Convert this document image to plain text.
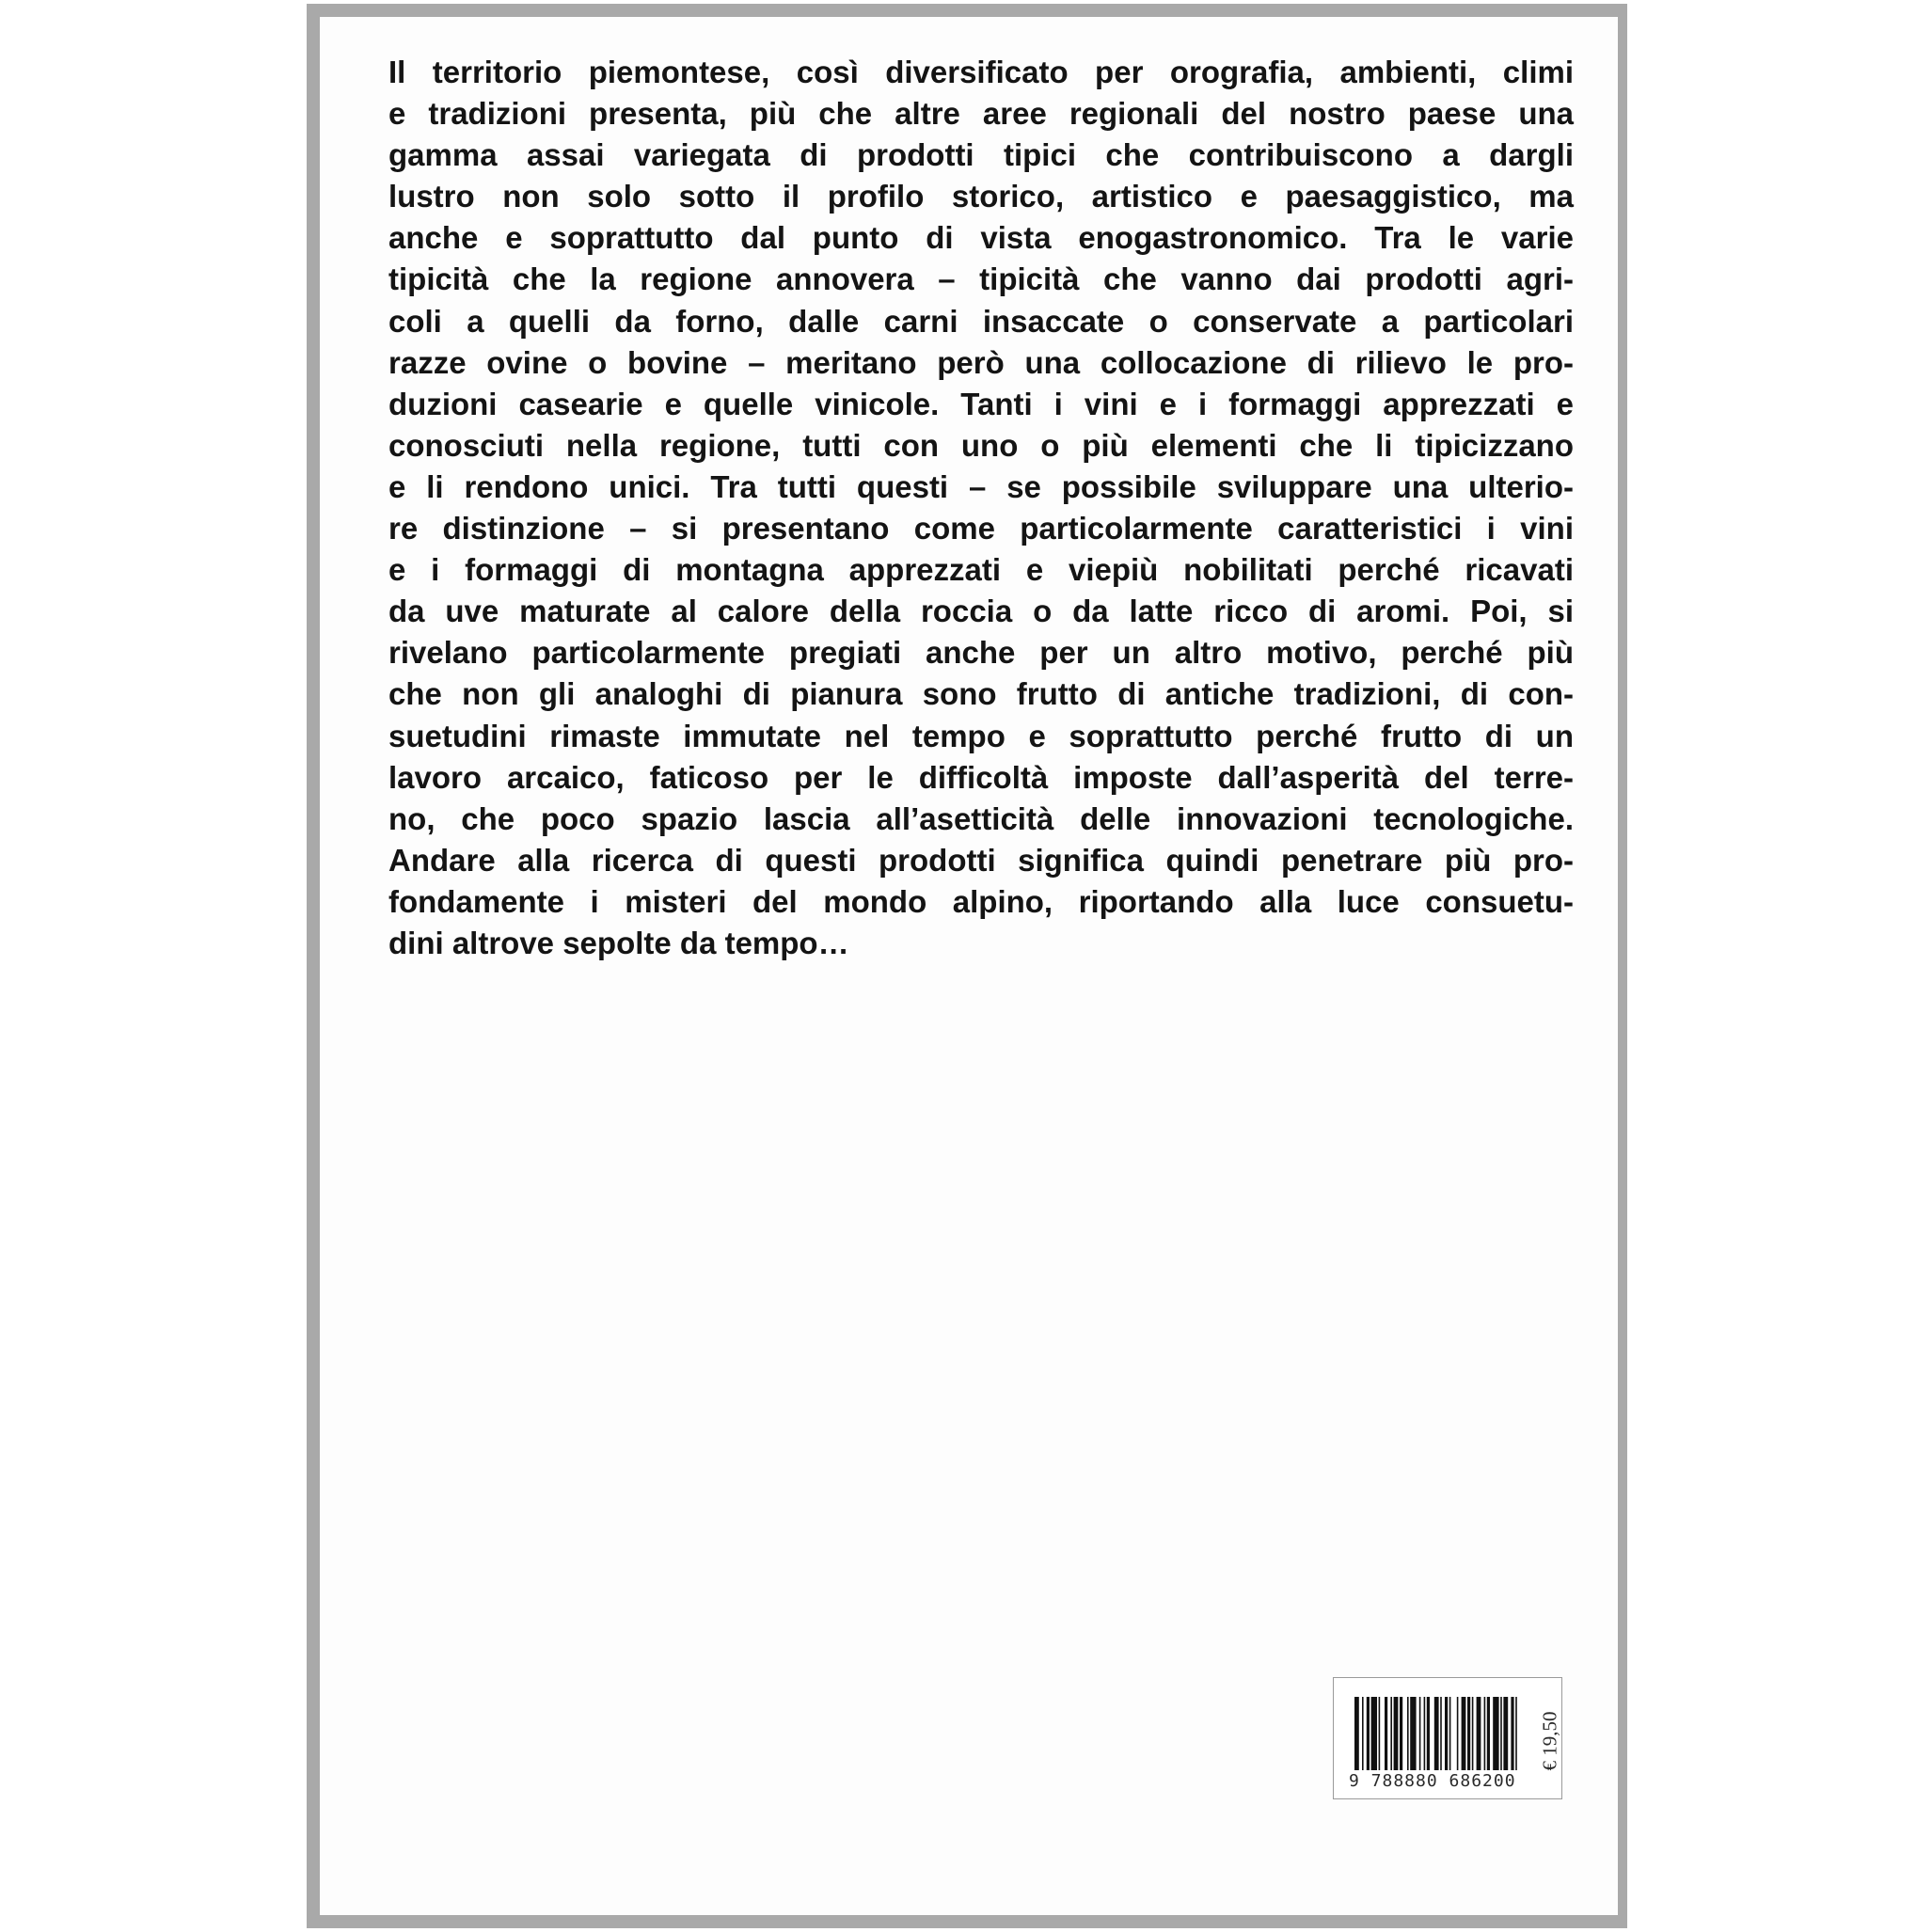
Il territorio piemontese, così diversificato per orografia, ambienti, climi
e tradizioni presenta, più che altre aree regionali del nostro paese una
gamma assai variegata di prodotti tipici che contribuiscono a dargli
lustro non solo sotto il profilo storico, artistico e paesaggistico, ma
anche e soprattutto dal punto di vista enogastronomico. Tra le varie
tipicità che la regione annovera – tipicità che vanno dai prodotti agri-
coli a quelli da forno, dalle carni insaccate o conservate a particolari
razze ovine o bovine – meritano però una collocazione di rilievo le pro-
duzioni casearie e quelle vinicole. Tanti i vini e i formaggi apprezzati e
conosciuti nella regione, tutti con uno o più elementi che li tipicizzano
e li rendono unici. Tra tutti questi – se possibile sviluppare una ulterio-
re distinzione – si presentano come particolarmente caratteristici i vini
e i formaggi di montagna apprezzati e viepiù nobilitati perché ricavati
da uve maturate al calore della roccia o da latte ricco di aromi. Poi, si
rivelano particolarmente pregiati anche per un altro motivo, perché più
che non gli analoghi di pianura sono frutto di antiche tradizioni, di con-
suetudini rimaste immutate nel tempo e soprattutto perché frutto di un
lavoro arcaico, faticoso per le difficoltà imposte dall’asperità del terre-
no, che poco spazio lascia all’asetticità delle innovazioni tecnologiche.
Andare alla ricerca di questi prodotti significa quindi penetrare più pro-
fondamente i misteri del mondo alpino, riportando alla luce consuetu-
dini altrove sepolte da tempo…
9 788880 686200
€ 19,50
